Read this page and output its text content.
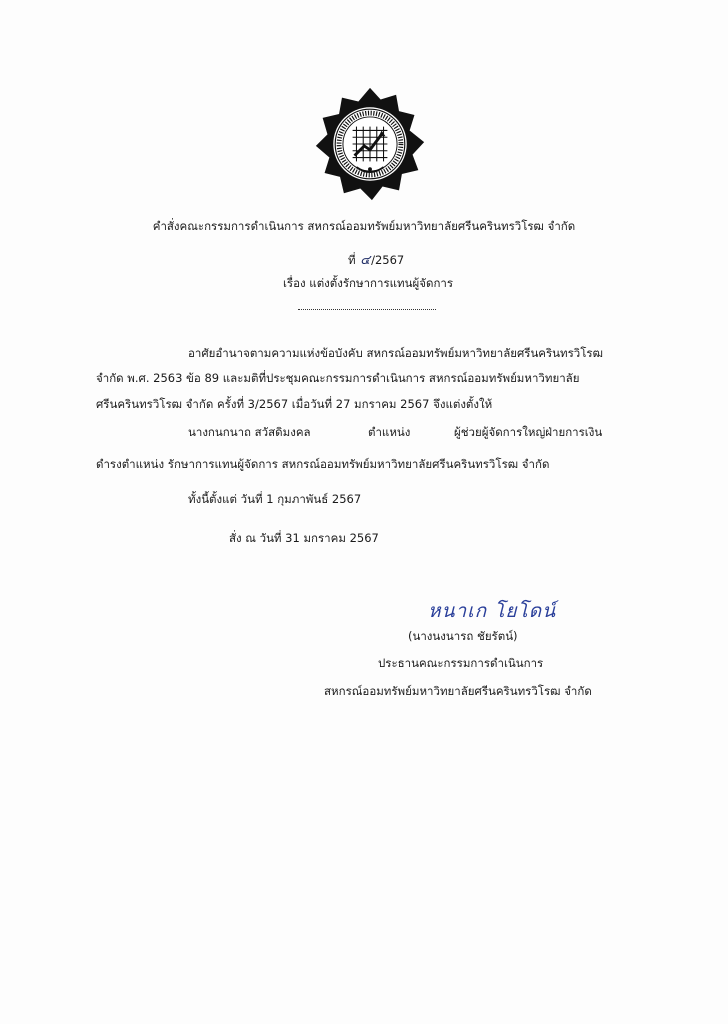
คำสั่งคณะกรรมการดำเนินการ สหกรณ์ออมทรัพย์มหาวิทยาลัยศรีนครินทรวิโรฒ จำกัด
ที่ ๔/2567
เรื่อง แต่งตั้งรักษาการแทนผู้จัดการ
อาศัยอำนาจตามความแห่งข้อบังคับ สหกรณ์ออมทรัพย์มหาวิทยาลัยศรีนครินทรวิโรฒ
จำกัด พ.ศ. 2563 ข้อ 89 และมติที่ประชุมคณะกรรมการดำเนินการ สหกรณ์ออมทรัพย์มหาวิทยาลัย
ศรีนครินทรวิโรฒ จำกัด ครั้งที่ 3/2567 เมื่อวันที่ 27 มกราคม 2567 จึงแต่งตั้งให้
นางกนกนาถ สวัสดิมงคล	ตำแหน่ง	ผู้ช่วยผู้จัดการใหญ่ฝ่ายการเงิน
ดำรงตำแหน่ง รักษาการแทนผู้จัดการ สหกรณ์ออมทรัพย์มหาวิทยาลัยศรีนครินทรวิโรฒ จำกัด
ทั้งนี้ตั้งแต่ วันที่ 1 กุมภาพันธ์ 2567
สั่ง ณ วันที่ 31 มกราคม 2567
หนาเก โยโดน์
(นางนงนารถ ชัยรัตน์)
ประธานคณะกรรมการดำเนินการ
สหกรณ์ออมทรัพย์มหาวิทยาลัยศรีนครินทรวิโรฒ จำกัด
